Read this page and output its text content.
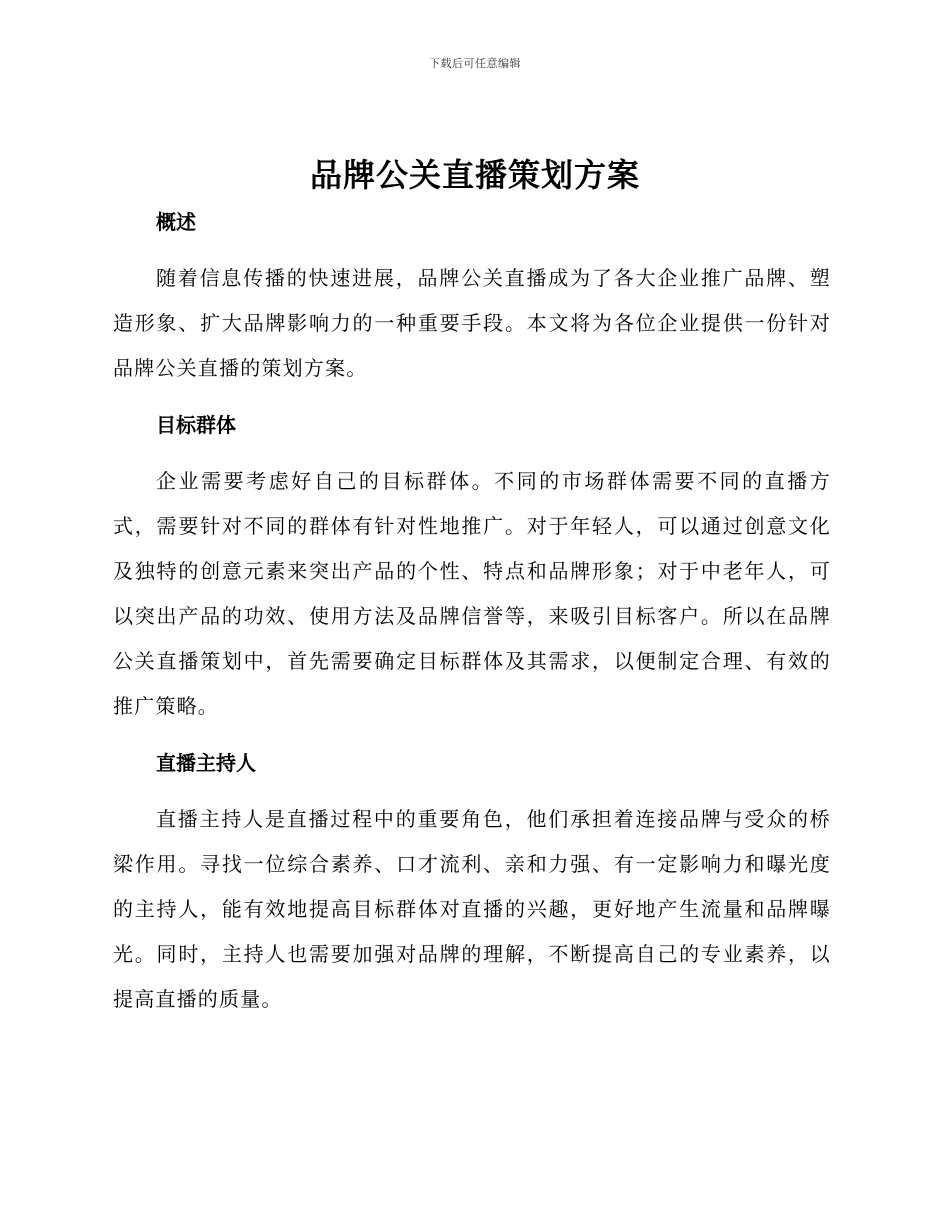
下载后可任意编辑
品牌公关直播策划方案
概述

随着信息传播的快速进展，品牌公关直播成为了各大企业推广品牌、塑造形象、扩大品牌影响力的一种重要手段。本文将为各位企业提供一份针对品牌公关直播的策划方案。

目标群体

企业需要考虑好自己的目标群体。不同的市场群体需要不同的直播方式，需要针对不同的群体有针对性地推广。对于年轻人，可以通过创意文化及独特的创意元素来突出产品的个性、特点和品牌形象；对于中老年人，可以突出产品的功效、使用方法及品牌信誉等，来吸引目标客户。所以在品牌公关直播策划中，首先需要确定目标群体及其需求，以便制定合理、有效的推广策略。

直播主持人

直播主持人是直播过程中的重要角色，他们承担着连接品牌与受众的桥梁作用。寻找一位综合素养、口才流利、亲和力强、有一定影响力和曝光度的主持人，能有效地提高目标群体对直播的兴趣，更好地产生流量和品牌曝光。同时，主持人也需要加强对品牌的理解，不断提高自己的专业素养，以提高直播的质量。
